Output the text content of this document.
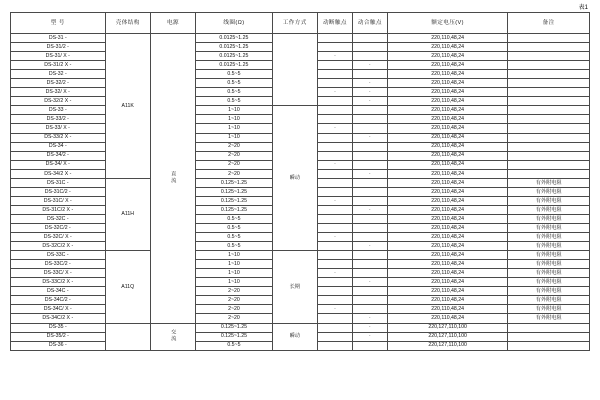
表1
型 号	壳体结构	电源	线圈(Ω)	工作方式	动断触点	动合触点	额定电压(V)	备注
DS-31 -	A11K	直流	0.0125~1.25				220,110,48,24	
DS-31/2 -			0.0125~1.25				220,110,48,24	
DS-31/ X -			0.0125~1.25		·		220,110,48,24	
DS-31/2 X -			0.0125~1.25			·	220,110,48,24	
DS-32 -			0.5~5				220,110,48,24	
DS-32/2 -			0.5~5			·	220,110,48,24	
DS-32/ X -			0.5~5		·	·	220,110,48,24	
DS-32/2 X -			0.5~5			·	220,110,48,24	
DS-33 -			1~10	瞬动			220,110,48,24	
DS-33/2 -			1~10				220,110,48,24	
DS-33/ X -			1~10		·		220,110,48,24	
DS-33/2 X -			1~10			·	220,110,48,24	
DS-34 -			2~20				220,110,48,24	
DS-34/2 -			2~20				220,110,48,24	
DS-34/ X -			2~20		·		220,110,48,24	
DS-34/2 X -			2~20			·	220,110,48,24	
DS-31C -	A11H		0.125~1.25				220,110,48,24	有外附电阻
DS-31C/2 -			0.125~1.25				220,110,48,24	有外附电阻
DS-31C/ X -			0.125~1.25		·		220,110,48,24	有外附电阻
DS-31C/2 X -			0.125~1.25			·	220,110,48,24	有外附电阻
DS-32C -			0.5~5				220,110,48,24	有外附电阻
DS-32C/2 -			0.5~5				220,110,48,24	有外附电阻
DS-32C/ X -			0.5~5		·		220,110,48,24	有外附电阻
DS-32C/2 X -			0.5~5			·	220,110,48,24	有外附电阻
DS-33C -	A11Q		1~10	长期			220,110,48,24	有外附电阻
DS-33C/2 -			1~10				220,110,48,24	有外附电阻
DS-33C/ X -			1~10		·		220,110,48,24	有外附电阻
DS-33C/2 X -			1~10			·	220,110,48,24	有外附电阻
DS-34C -			2~20				220,110,48,24	有外附电阻
DS-34C/2 -			2~20				220,110,48,24	有外附电阻
DS-34C/ X -			2~20		·		220,110,48,24	有外附电阻
DS-34C/2 X -			2~20			·	220,110,48,24	有外附电阻
DS-35 -		交流	0.125~1.25	瞬动		·	220,127,110,100	
DS-35/2 -			0.125~1.25			·	220,127,110,100	
DS-36 -			0.5~5				220,127,110,100	
